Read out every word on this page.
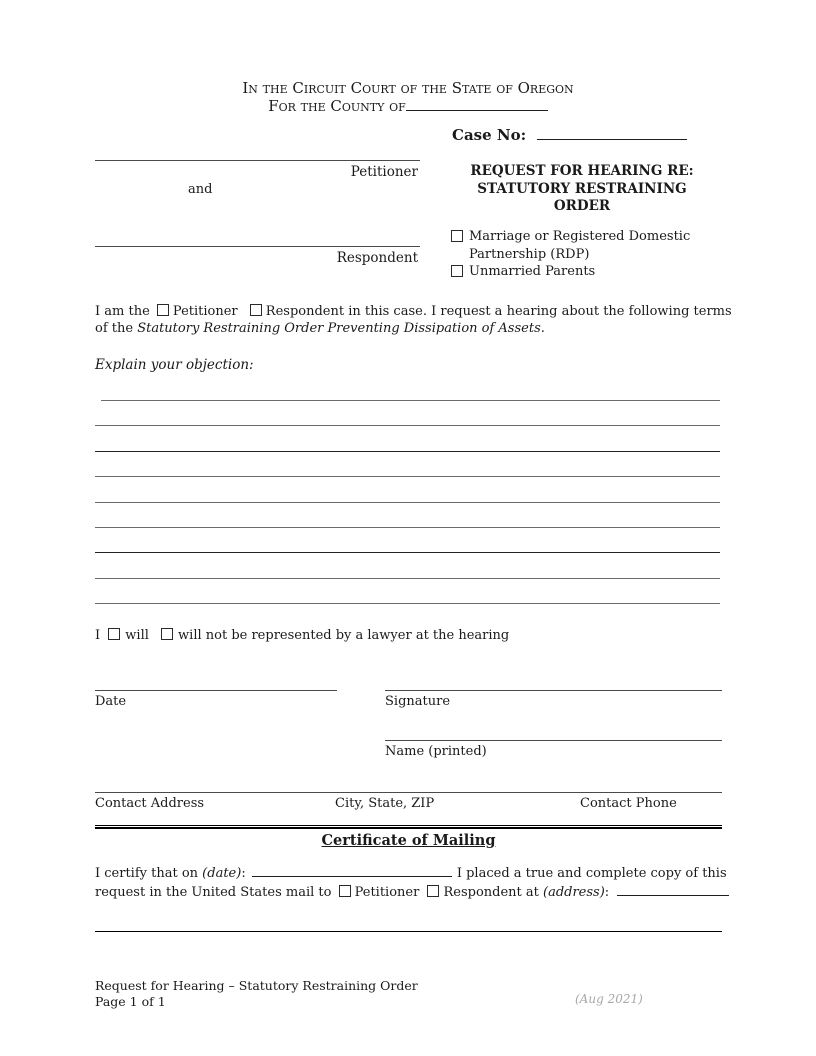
In the Circuit Court of the State of Oregon
For the County of
Case No:
Petitioner
and
Respondent
REQUEST FOR HEARING RE:
STATUTORY RESTRAINING
ORDER
Marriage or Registered Domestic
Partnership (RDP)
Unmarried Parents
I am the Petitioner Respondent in this case. I request a hearing about the following terms
of the Statutory Restraining Order Preventing Dissipation of Assets.
Explain your objection:
I will will not be represented by a lawyer at the hearing
Date	Signature
Name (printed)
Contact Address	City, State, ZIP	Contact Phone
Certificate of Mailing
I certify that on (date):	I placed a true and complete copy of this
request in the United States mail to Petitioner Respondent at (address):
Request for Hearing – Statutory Restraining Order
Page 1 of 1	(Aug 2021)
